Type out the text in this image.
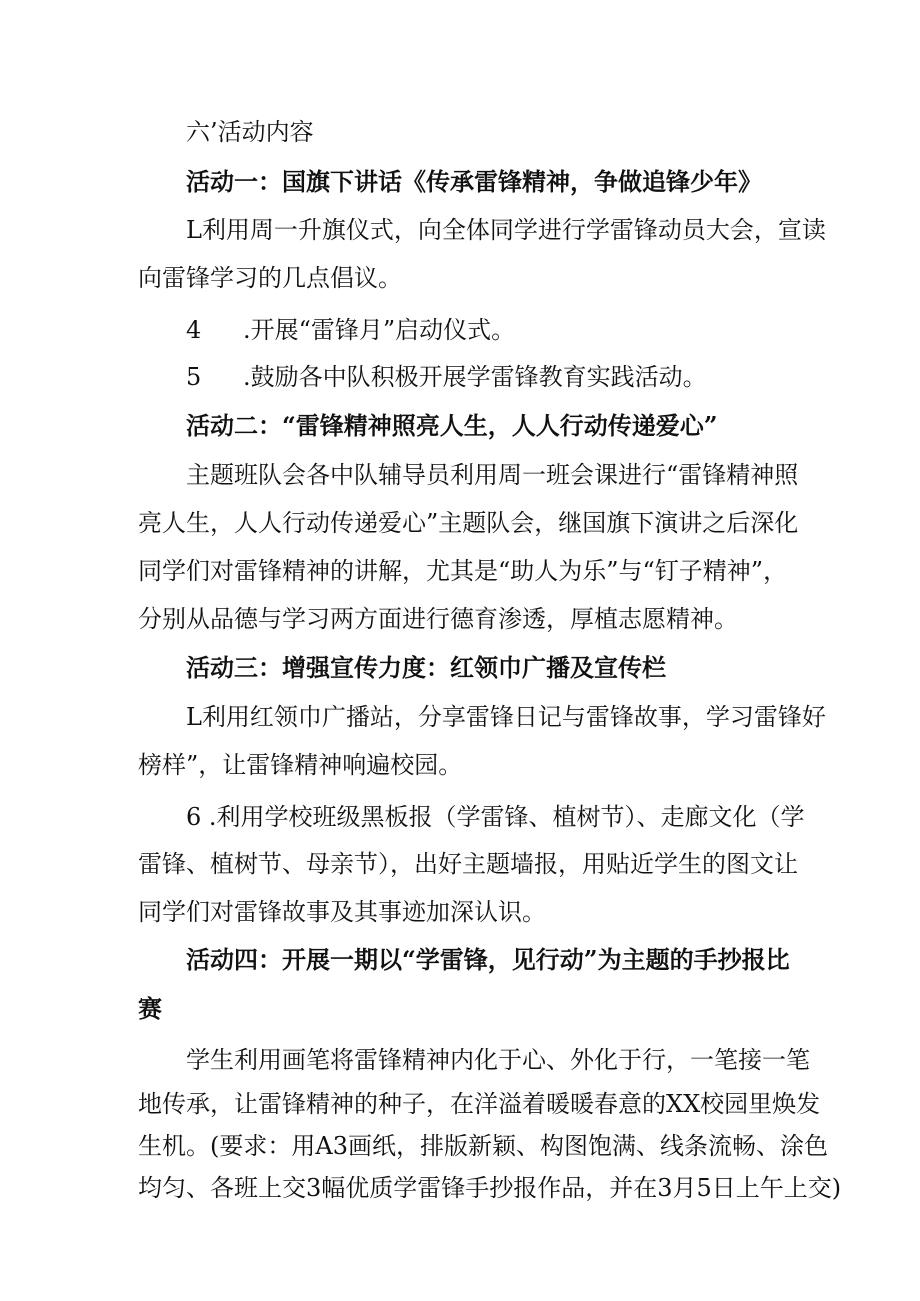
六’活动内容
活动一：国旗下讲话《传承雷锋精神，争做追锋少年》
L利用周一升旗仪式，向全体同学进行学雷锋动员大会，宣读
向雷锋学习的几点倡议。
4 .开展“雷锋月”启动仪式。
5 .鼓励各中队积极开展学雷锋教育实践活动。
活动二：“雷锋精神照亮人生，人人行动传递爱心”
主题班队会各中队辅导员利用周一班会课进行“雷锋精神照
亮人生，人人行动传递爱心”主题队会，继国旗下演讲之后深化
同学们对雷锋精神的讲解，尤其是“助人为乐”与“钉子精神”，
分别从品德与学习两方面进行德育渗透，厚植志愿精神。
活动三：增强宣传力度：红领巾广播及宣传栏
L利用红领巾广播站，分享雷锋日记与雷锋故事，学习雷锋好
榜样”，让雷锋精神响遍校园。
6 .利用学校班级黑板报（学雷锋、植树节）、走廊文化（学
雷锋、植树节、母亲节），出好主题墙报，用贴近学生的图文让
同学们对雷锋故事及其事迹加深认识。
活动四：开展一期以“学雷锋，见行动”为主题的手抄报比
赛
学生利用画笔将雷锋精神内化于心、外化于行，一笔接一笔
地传承，让雷锋精神的种子，在洋溢着暖暖春意的XX校园里焕发
生机。(要求：用A3画纸，排版新颖、构图饱满、线条流畅、涂色
均匀、各班上交3幅优质学雷锋手抄报作品，并在3月5日上午上交)
